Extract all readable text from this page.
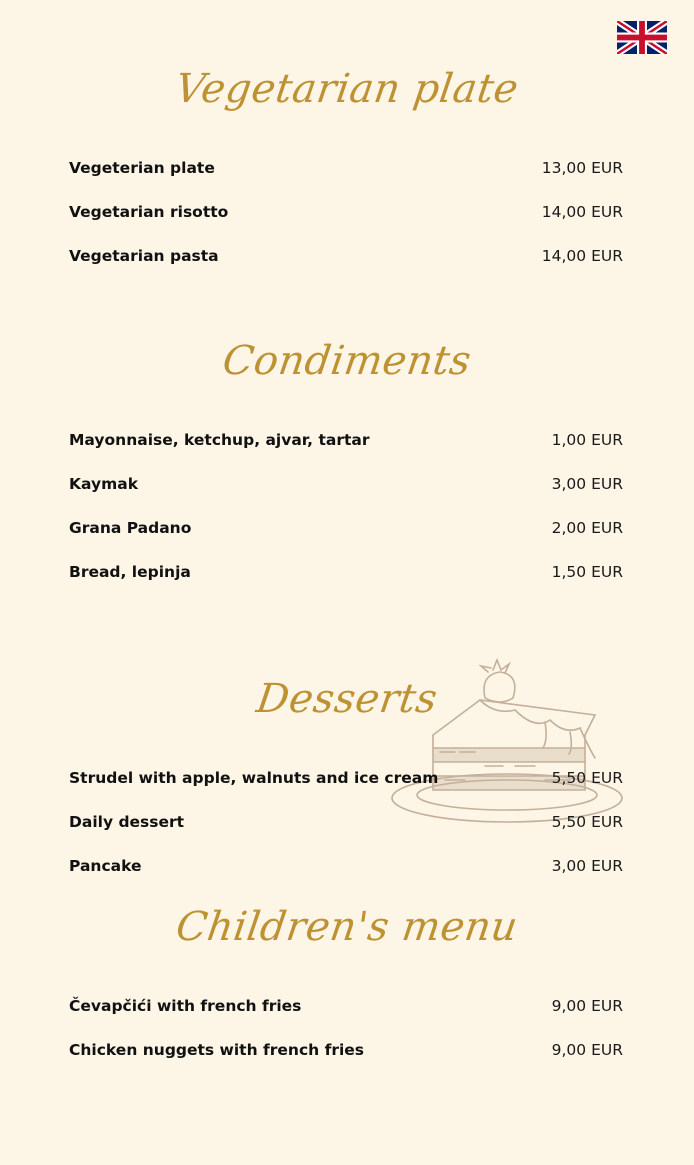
Vegetarian plate
Vegeterian plate	13,00 EUR
Vegetarian risotto	14,00 EUR
Vegetarian pasta	14,00 EUR
Condiments
Mayonnaise, ketchup, ajvar, tartar	1,00 EUR
Kaymak	3,00 EUR
Grana Padano	2,00 EUR
Bread, lepinja	1,50 EUR
Desserts
Strudel with apple, walnuts and ice cream	5,50 EUR
Daily dessert	5,50 EUR
Pancake	3,00 EUR
Children's menu
Čevapčići with french fries	9,00 EUR
Chicken nuggets with french fries	9,00 EUR
